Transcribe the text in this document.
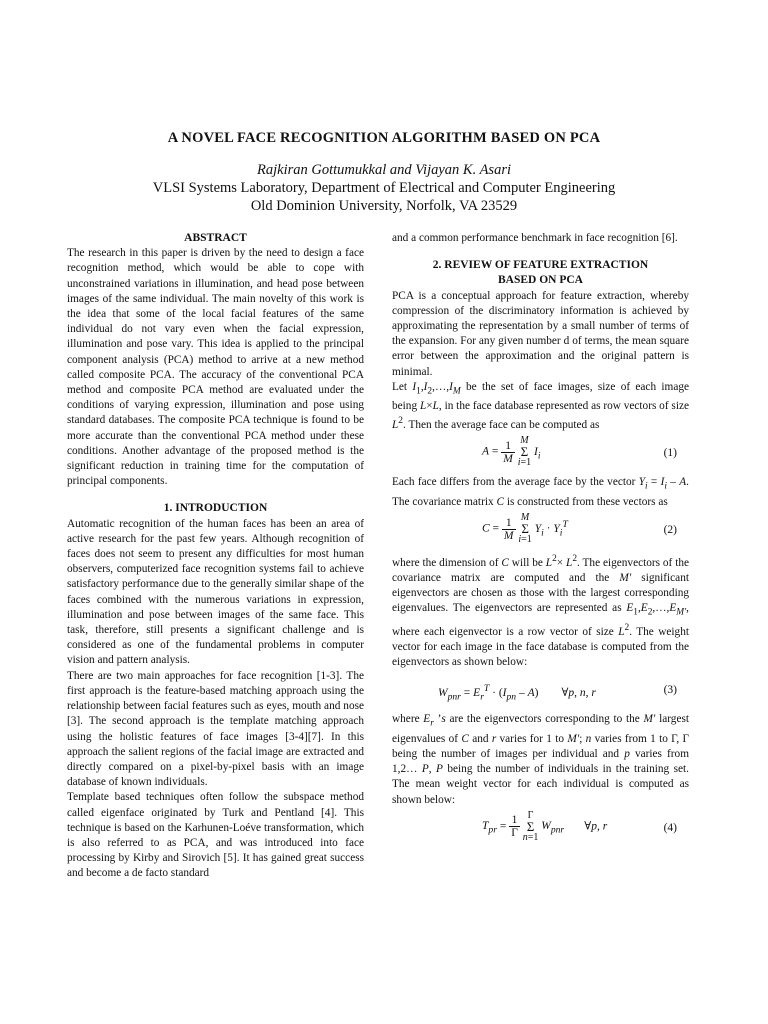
A NOVEL FACE RECOGNITION ALGORITHM BASED ON PCA
Rajkiran Gottumukkal and Vijayan K. Asari
VLSI Systems Laboratory, Department of Electrical and Computer Engineering
Old Dominion University, Norfolk, VA 23529

ABSTRACT

The research in this paper is driven by the need to design a face recognition method, which would be able to cope with unconstrained variations in illumination, and head pose between images of the same individual. The main novelty of this work is the idea that some of the local facial features of the same individual do not vary even when the facial expression, illumination and pose vary. This idea is applied to the principal component analysis (PCA) method to arrive at a new method called composite PCA. The accuracy of the conventional PCA method and composite PCA method are evaluated under the conditions of varying expression, illumination and pose using standard databases. The composite PCA technique is found to be more accurate than the conventional PCA method under these conditions. Another advantage of the proposed method is the significant reduction in training time for the computation of principal components.

1. INTRODUCTION

Automatic recognition of the human faces has been an area of active research for the past few years. Although recognition of faces does not seem to present any difficulties for most human observers, computerized face recognition systems fail to achieve satisfactory performance due to the generally similar shape of the faces combined with the numerous variations in expression, illumination and pose between images of the same face. This task, therefore, still presents a significant challenge and is considered as one of the fundamental problems in computer vision and pattern analysis.

There are two main approaches for face recognition [1-3]. The first approach is the feature-based matching approach using the relationship between facial features such as eyes, mouth and nose [3]. The second approach is the template matching approach using the holistic features of face images [3-4][7]. In this approach the salient regions of the facial image are extracted and directly compared on a pixel-by-pixel basis with an image database of known individuals.

Template based techniques often follow the subspace method called eigenface originated by Turk and Pentland [4]. This technique is based on the Karhunen-Loéve transformation, which is also referred to as PCA, and was introduced into face processing by Kirby and Sirovich [5]. It has gained great success and become a de facto standard

and a common performance benchmark in face recognition [6].

2. REVIEW OF FEATURE EXTRACTION

BASED ON PCA

PCA is a conceptual approach for feature extraction, whereby compression of the discriminatory information is achieved by approximating the representation by a small number of terms of the expansion. For any given number d of terms, the mean square error between the approximation and the original pattern is minimal.

Let $I_1,I_2,\dots,I_M$ be the set of face images, size of each image being L×L, in the face database represented as row vectors of size $L^2$. Then the average face can be computed as

$A = \frac{1}{M}$ M
Σ
i=1 $I_i$	(1)

Each face differs from the average face by the vector $Y_i = I_i - A$. The covariance matrix C is constructed from these vectors as

$C = \frac{1}{M}$ M
Σ
i=1 $Y_i \cdot Y_i^T$	(2)

where the dimension of C will be $L^2\times L^2$. The eigenvectors of the covariance matrix are computed and the M′ significant eigenvectors are chosen as those with the largest corresponding eigenvalues. The eigenvectors are represented as $E_1,E_2,\dots,E_{M'}$, where each eigenvector is a row vector of size $L^2$. The weight vector for each image in the face database is computed from the eigenvectors as shown below:

$W_{pnr} = E_r^T \cdot (I_{pn} - A)$        ∀p, n, r	(3)

where $E_r$ ’s are the eigenvectors corresponding to the M′ largest eigenvalues of C and r varies for 1 to M′; n varies from 1 to Γ, Γ being the number of images per individual and p varies from 1,2… P, P being the number of individuals in the training set. The mean weight vector for each individual is computed as shown below:

$T_{pr} = \frac{1}{\Gamma}$ Γ
Σ
n=1 $W_{pnr}$       ∀p, r	(4)
